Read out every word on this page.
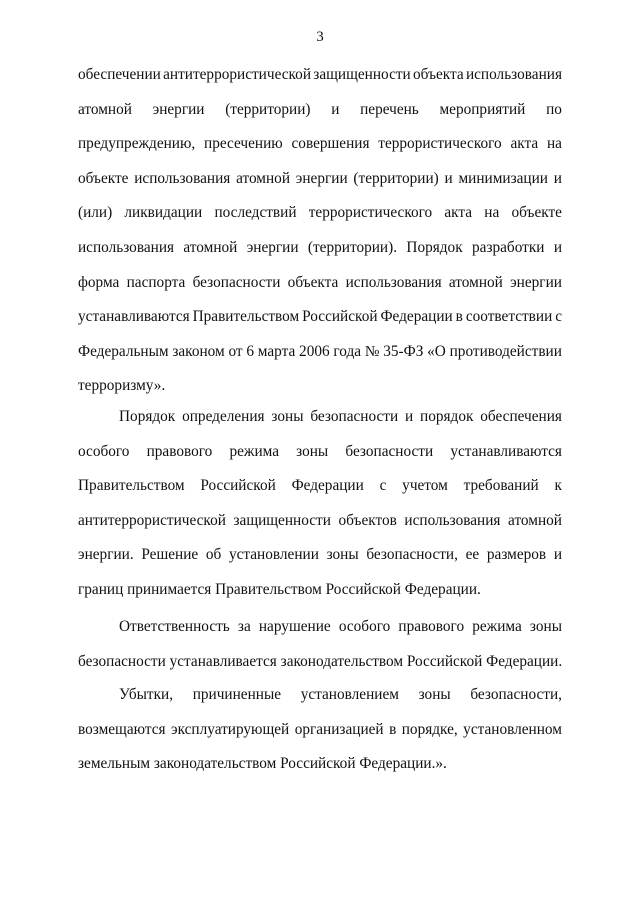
3
обеспечении антитеррористической защищенности объекта использования
атомной энергии (территории) и перечень мероприятий по
предупреждению, пресечению совершения террористического акта на
объекте использования атомной энергии (территории) и минимизации и
(или) ликвидации последствий террористического акта на объекте
использования атомной энергии (территории). Порядок разработки и
форма паспорта безопасности объекта использования атомной энергии
устанавливаются Правительством Российской Федерации в соответствии с
Федеральным законом от 6 марта 2006 года № 35-ФЗ «О противодействии
терроризму».
Порядок определения зоны безопасности и порядок обеспечения
особого правового режима зоны безопасности устанавливаются
Правительством Российской Федерации с учетом требований к
антитеррористической защищенности объектов использования атомной
энергии. Решение об установлении зоны безопасности, ее размеров и
границ принимается Правительством Российской Федерации.
Ответственность за нарушение особого правового режима зоны
безопасности устанавливается законодательством Российской Федерации.
Убытки, причиненные установлением зоны безопасности,
возмещаются эксплуатирующей организацией в порядке, установленном
земельным законодательством Российской Федерации.».
